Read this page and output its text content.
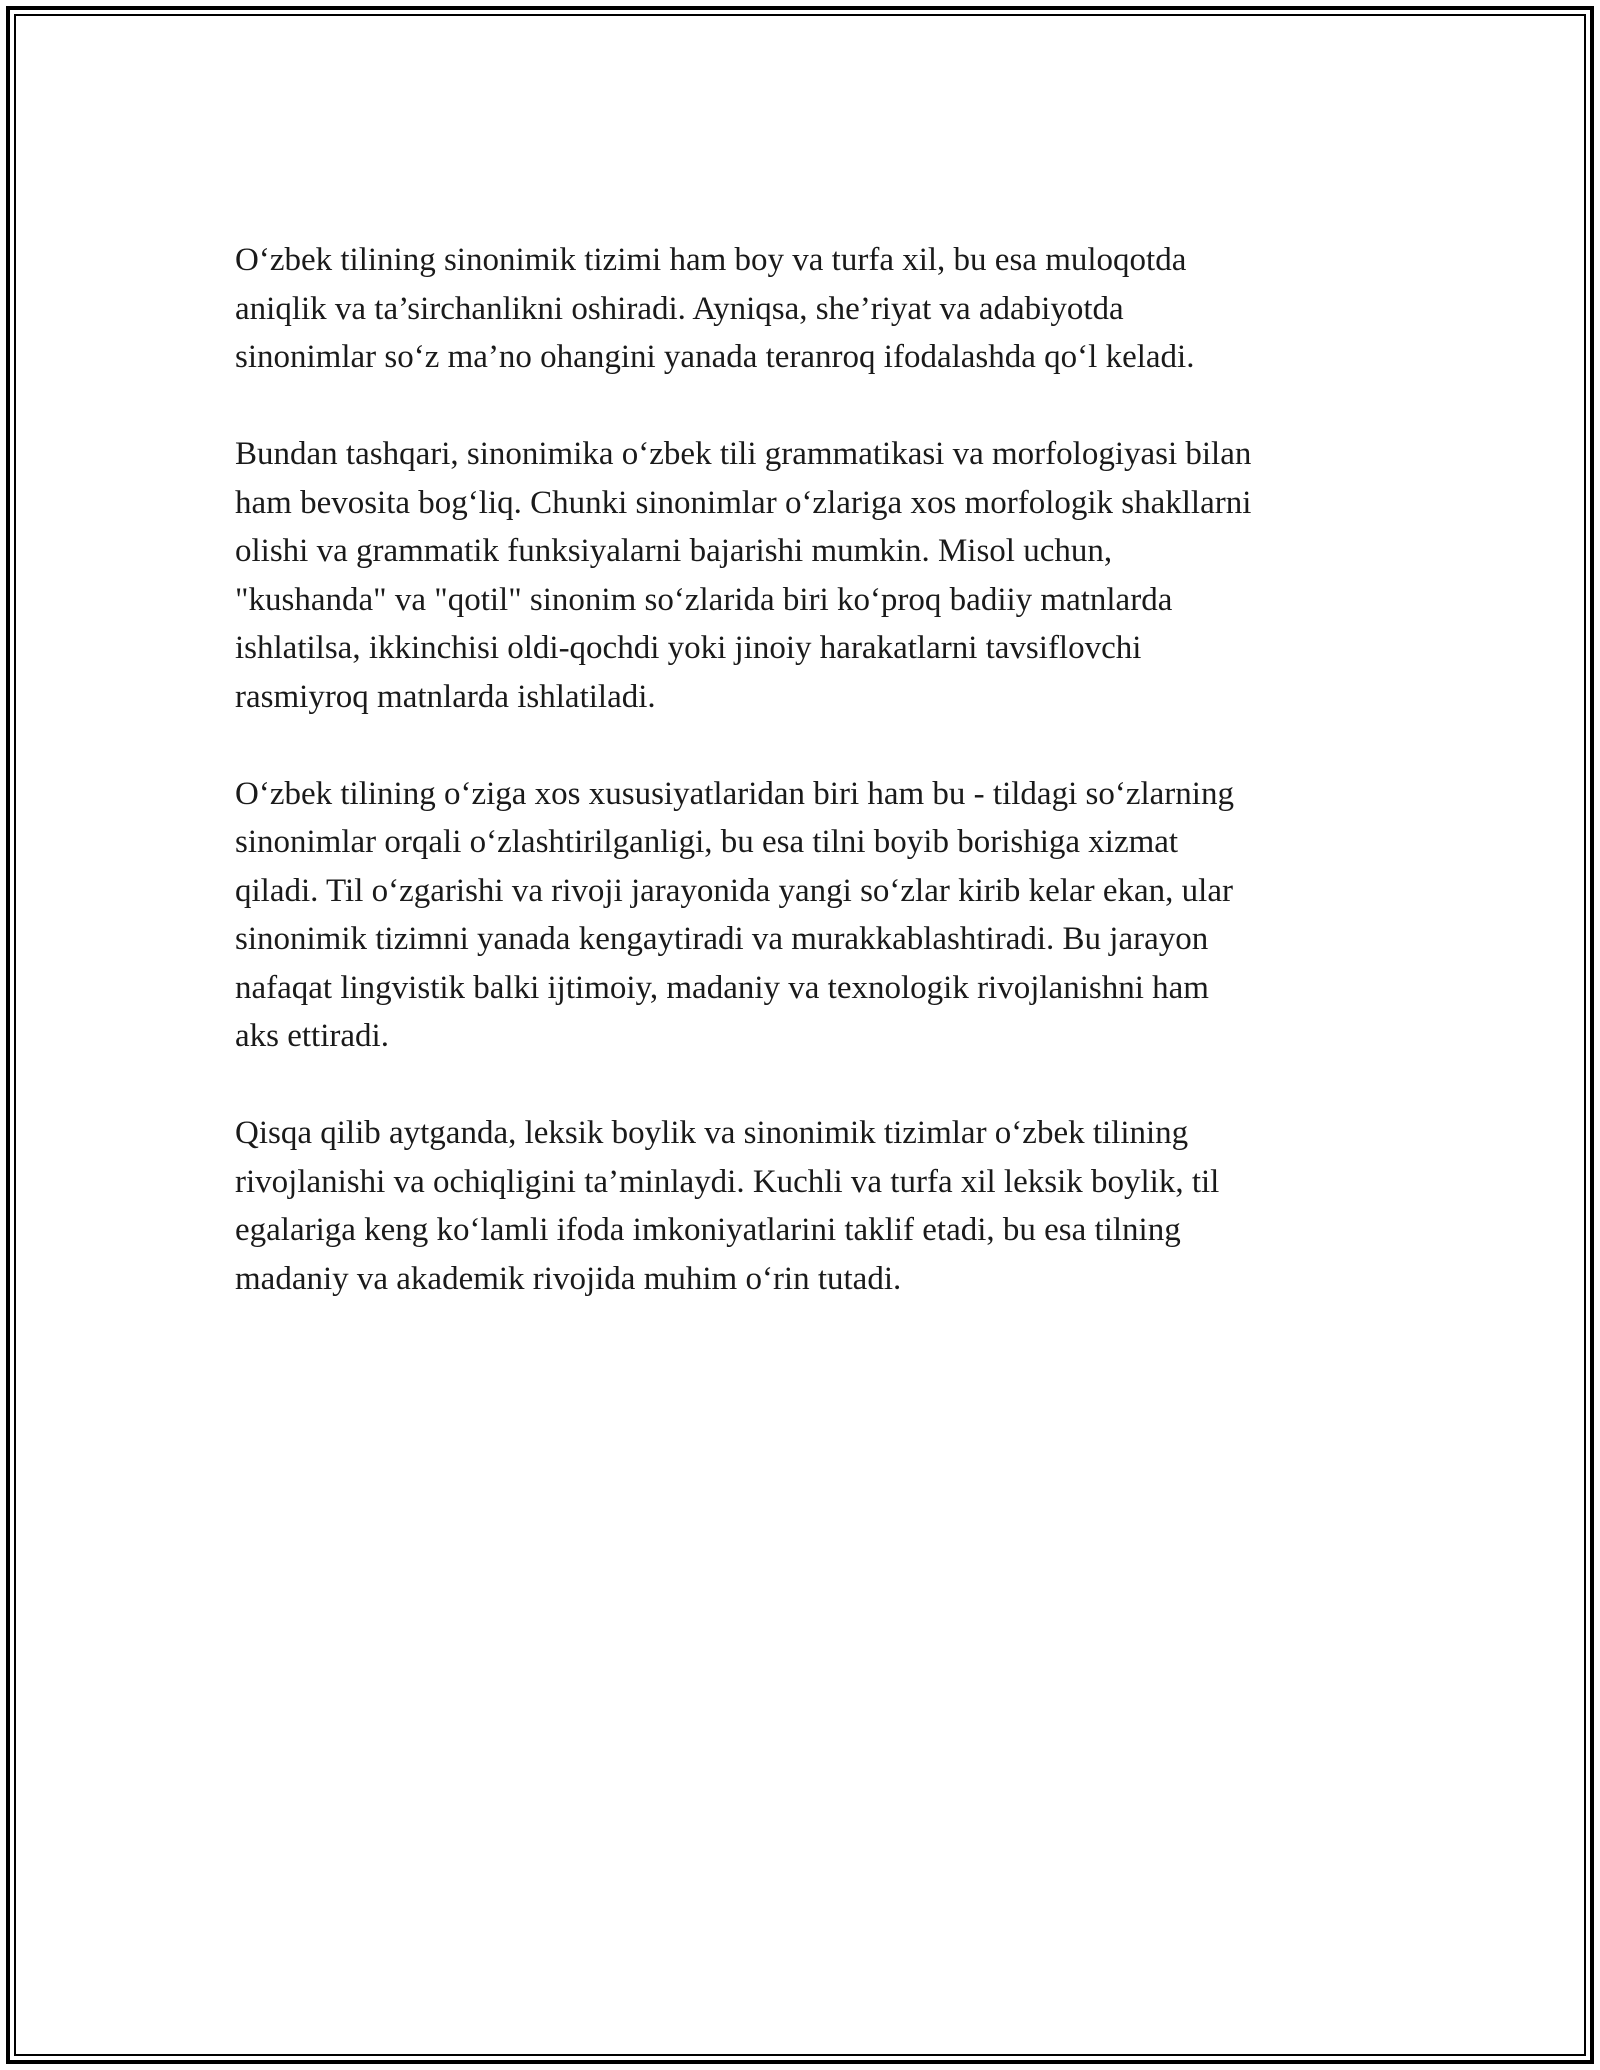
O‘zbek tilining sinonimik tizimi ham boy va turfa xil, bu esa muloqotda
aniqlik va ta’sirchanlikni oshiradi. Ayniqsa, she’riyat va adabiyotda
sinonimlar so‘z ma’no ohangini yanada teranroq ifodalashda qo‘l keladi.

Bundan tashqari, sinonimika o‘zbek tili grammatikasi va morfologiyasi bilan
ham bevosita bog‘liq. Chunki sinonimlar o‘zlariga xos morfologik shakllarni
olishi va grammatik funksiyalarni bajarishi mumkin. Misol uchun,
"kushanda" va "qotil" sinonim so‘zlarida biri ko‘proq badiiy matnlarda
ishlatilsa, ikkinchisi oldi-qochdi yoki jinoiy harakatlarni tavsiflovchi
rasmiyroq matnlarda ishlatiladi.

O‘zbek tilining o‘ziga xos xususiyatlaridan biri ham bu - tildagi so‘zlarning
sinonimlar orqali o‘zlashtirilganligi, bu esa tilni boyib borishiga xizmat
qiladi. Til o‘zgarishi va rivoji jarayonida yangi so‘zlar kirib kelar ekan, ular
sinonimik tizimni yanada kengaytiradi va murakkablashtiradi. Bu jarayon
nafaqat lingvistik balki ijtimoiy, madaniy va texnologik rivojlanishni ham
aks ettiradi.

Qisqa qilib aytganda, leksik boylik va sinonimik tizimlar o‘zbek tilining
rivojlanishi va ochiqligini ta’minlaydi. Kuchli va turfa xil leksik boylik, til
egalariga keng ko‘lamli ifoda imkoniyatlarini taklif etadi, bu esa tilning
madaniy va akademik rivojida muhim o‘rin tutadi.
